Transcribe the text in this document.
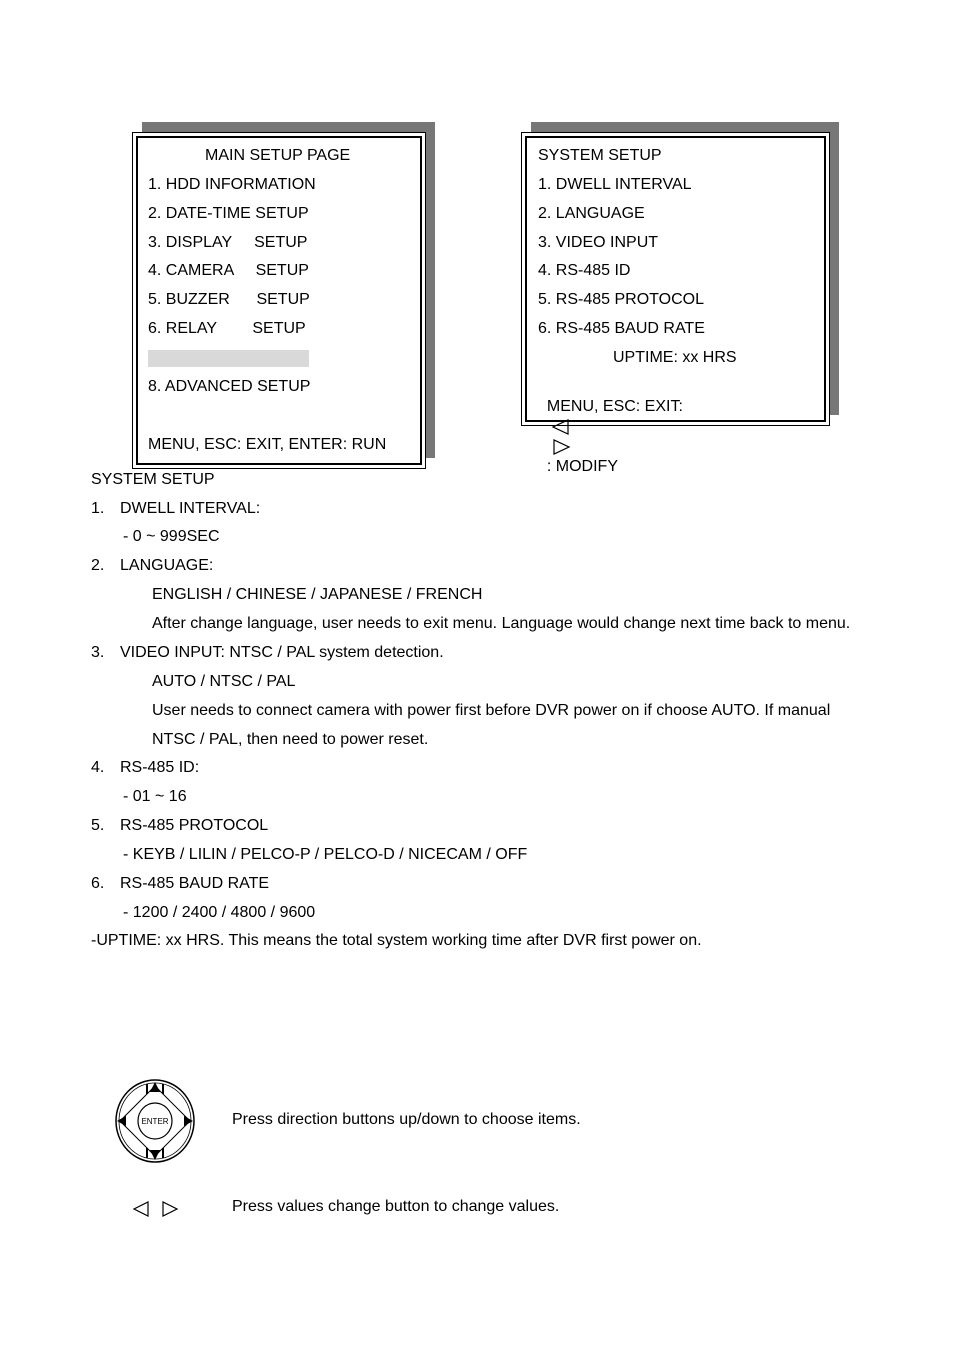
MAIN SETUP PAGE
1. HDD INFORMATION
2. DATE-TIME SETUP
3. DISPLAY     SETUP
4. CAMERA     SETUP
5. BUZZER      SETUP
6. RELAY        SETUP
8. ADVANCED SETUP
MENU, ESC: EXIT, ENTER: RUN
SYSTEM SETUP
1. DWELL INTERVAL
2. LANGUAGE
3. VIDEO INPUT
4. RS-485 ID
5. RS-485 PROTOCOL
6. RS-485 BAUD RATE
UPTIME: xx HRS

MENU, ESC: EXIT:

: MODIFY

SYSTEM SETUP
1. DWELL INTERVAL:
- 0 ~ 999SEC
2. LANGUAGE:
ENGLISH / CHINESE / JAPANESE / FRENCH
After change language, user needs to exit menu. Language would change next time back to menu.
3. VIDEO INPUT: NTSC / PAL system detection.
AUTO / NTSC / PAL
User needs to connect camera with power first before DVR power on if choose AUTO. If manual
NTSC / PAL, then need to power reset.
4. RS-485 ID:
- 01 ~ 16
5. RS-485 PROTOCOL
- KEYB / LILIN / PELCO-P / PELCO-D / NICECAM / OFF
6. RS-485 BAUD RATE
- 1200 / 2400 / 4800 / 9600
-UPTIME: xx HRS. This means the total system working time after DVR first power on.
ENTER	Press direction buttons up/down to choose items.
Press values change button to change values.
